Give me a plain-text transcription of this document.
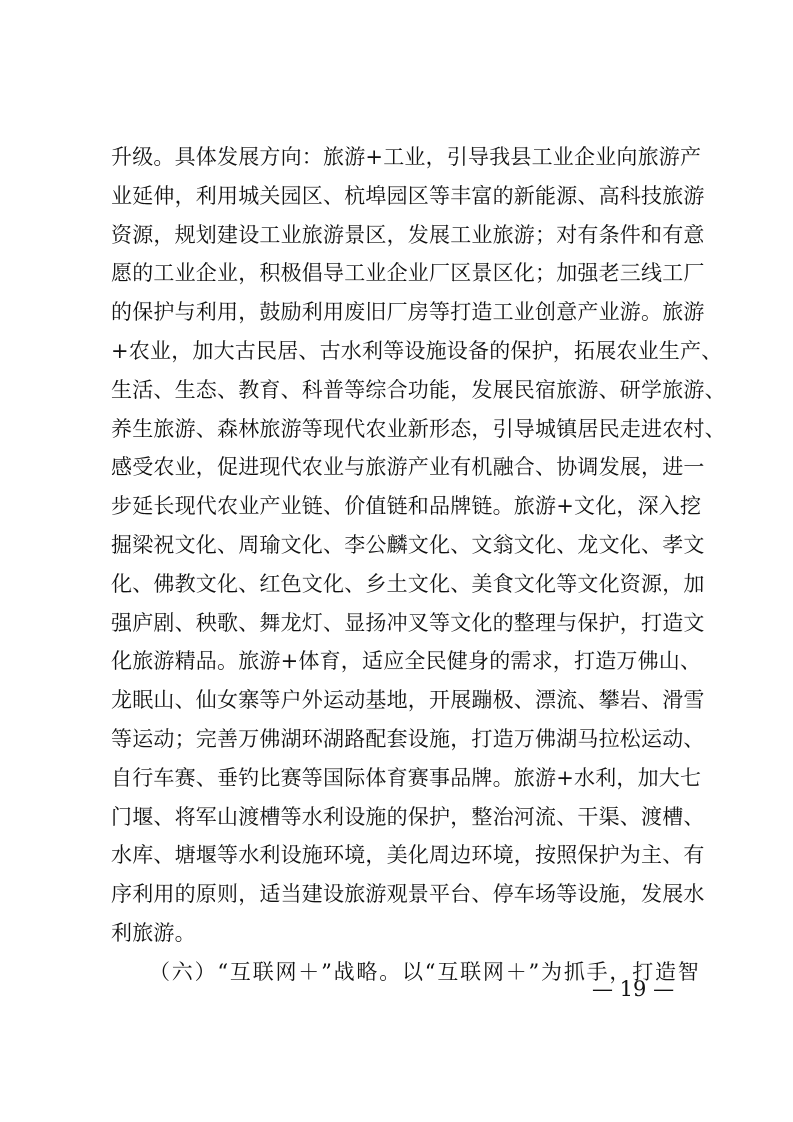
升级。具体发展方向：旅游+工业，引导我县工业企业向旅游产
业延伸，利用城关园区、杭埠园区等丰富的新能源、高科技旅游
资源，规划建设工业旅游景区，发展工业旅游；对有条件和有意
愿的工业企业，积极倡导工业企业厂区景区化；加强老三线工厂
的保护与利用，鼓励利用废旧厂房等打造工业创意产业游。旅游
+农业，加大古民居、古水利等设施设备的保护，拓展农业生产、
生活、生态、教育、科普等综合功能，发展民宿旅游、研学旅游、
养生旅游、森林旅游等现代农业新形态，引导城镇居民走进农村、
感受农业，促进现代农业与旅游产业有机融合、协调发展，进一
步延长现代农业产业链、价值链和品牌链。旅游+文化，深入挖
掘梁祝文化、周瑜文化、李公麟文化、文翁文化、龙文化、孝文
化、佛教文化、红色文化、乡土文化、美食文化等文化资源，加
强庐剧、秧歌、舞龙灯、显扬冲叉等文化的整理与保护，打造文
化旅游精品。旅游+体育，适应全民健身的需求，打造万佛山、
龙眠山、仙女寨等户外运动基地，开展蹦极、漂流、攀岩、滑雪
等运动；完善万佛湖环湖路配套设施，打造万佛湖马拉松运动、
自行车赛、垂钓比赛等国际体育赛事品牌。旅游+水利，加大七
门堰、将军山渡槽等水利设施的保护，整治河流、干渠、渡槽、
水库、塘堰等水利设施环境，美化周边环境，按照保护为主、有
序利用的原则，适当建设旅游观景平台、停车场等设施，发展水
利旅游。
（六）“互联网＋”战略。以“互联网＋”为抓手，打造智
— 19 —
